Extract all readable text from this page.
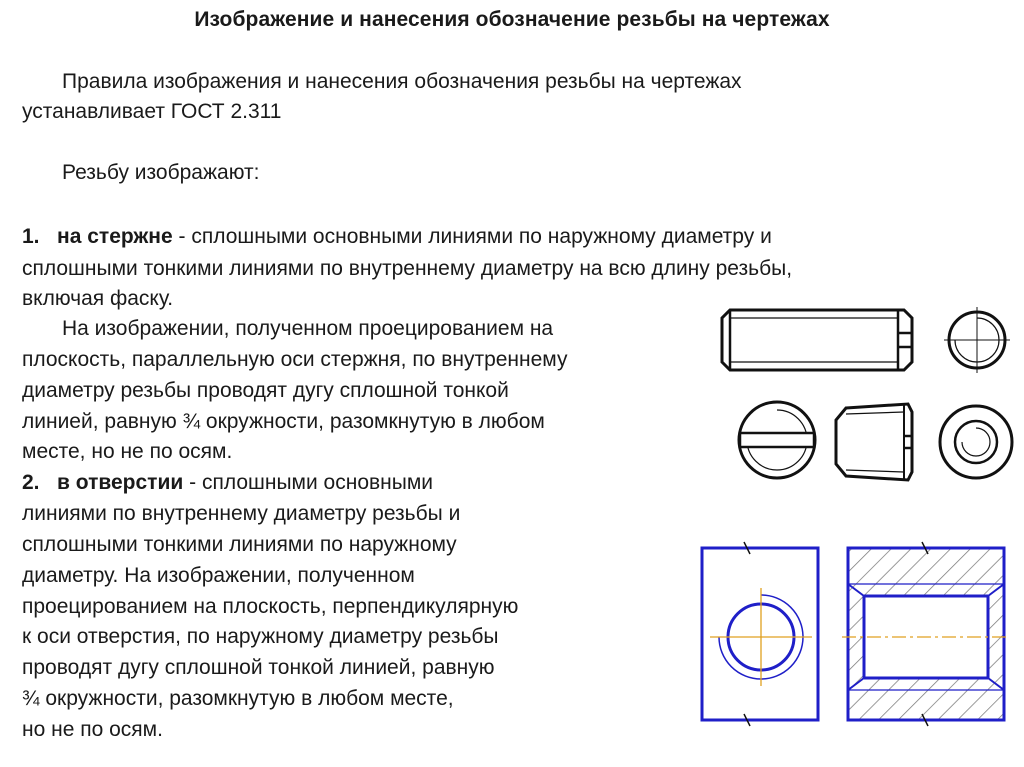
Изображение и нанесения обозначение резьбы на чертежах
Правила изображения и нанесения обозначения резьбы на чертежах
устанавливает ГОСТ 2.311
Резьбу изображают:
1. на стержне - сплошными основными линиями по наружному диаметру и
сплошными тонкими линиями по внутреннему диаметру на всю длину резьбы,
включая фаску.
На изображении, полученном проецированием на
плоскость, параллельную оси стержня, по внутреннему
диаметру резьбы проводят дугу сплошной тонкой
линией, равную ¾ окружности, разомкнутую в любом
месте, но не по осям.
2. в отверстии - сплошными основными
линиями по внутреннему диаметру резьбы и
сплошными тонкими линиями по наружному
диаметру. На изображении, полученном
проецированием на плоскость, перпендикулярную
к оси отверстия, по наружному диаметру резьбы
проводят дугу сплошной тонкой линией, равную
¾ окружности, разомкнутую в любом месте,
но не по осям.
